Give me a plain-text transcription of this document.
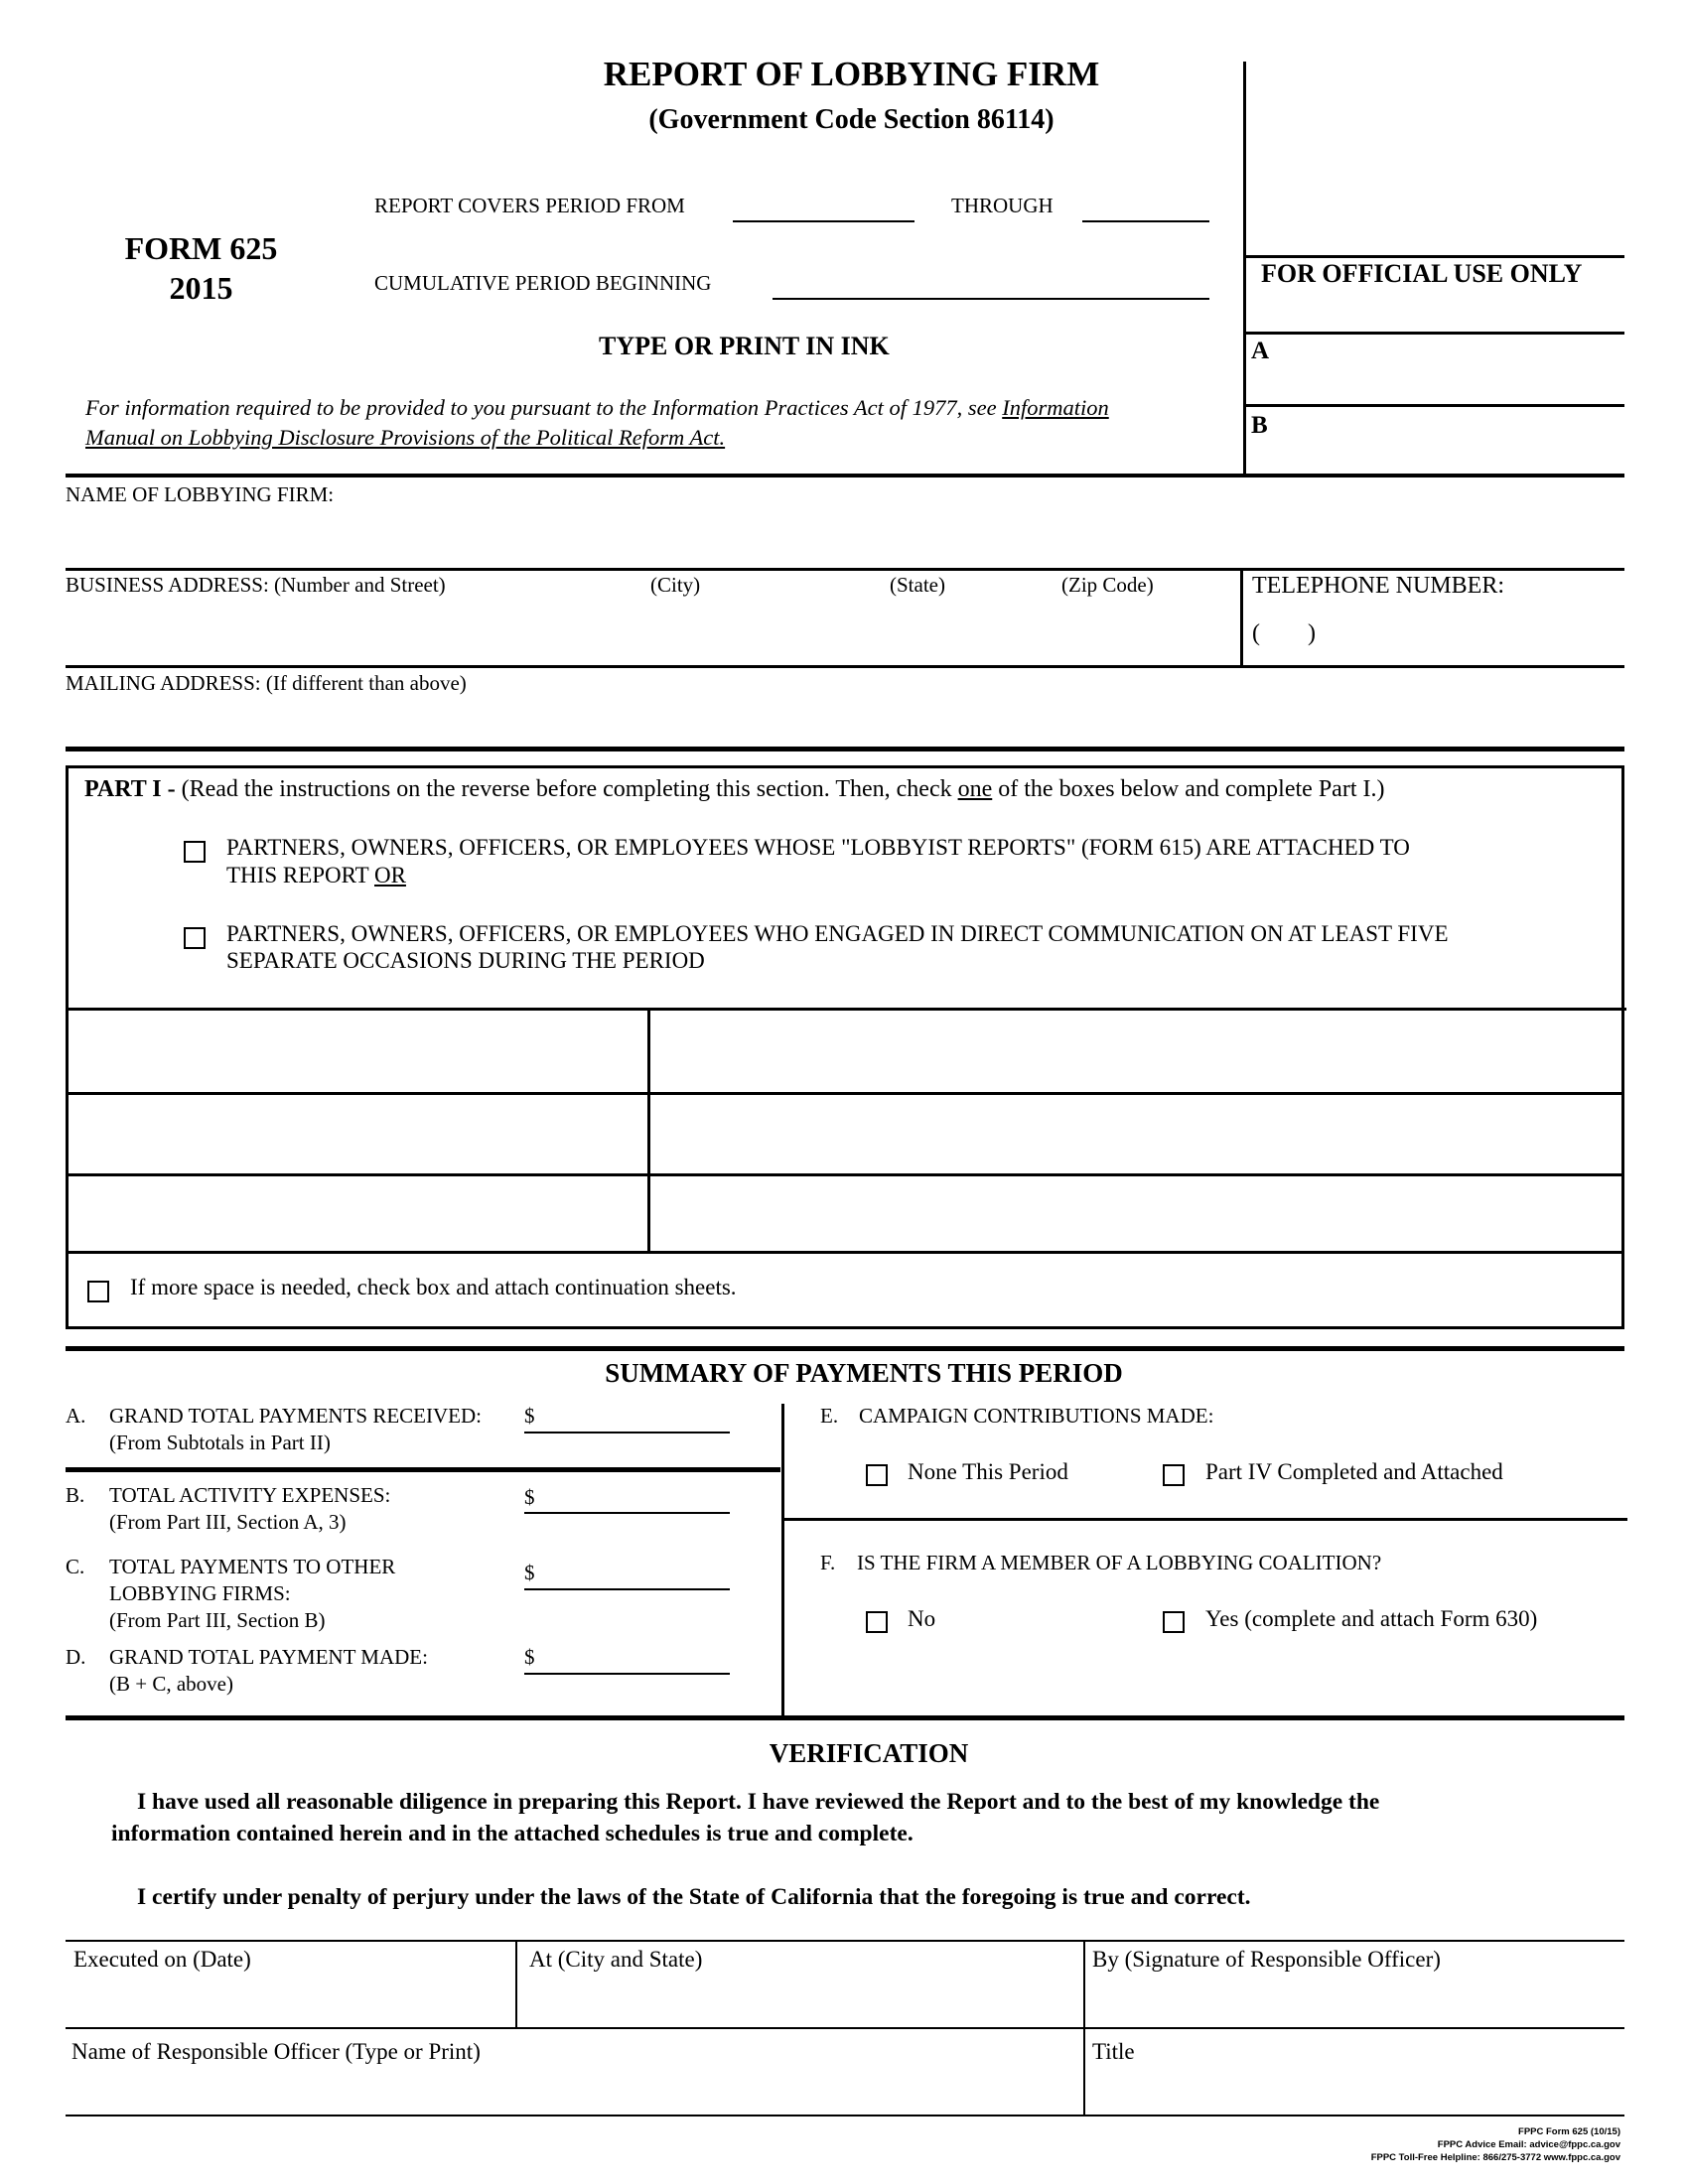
REPORT OF LOBBYING FIRM
(Government Code Section 86114)
FORM 625
2015
REPORT COVERS PERIOD FROM	THROUGH
CUMULATIVE PERIOD BEGINNING
TYPE OR PRINT IN INK
For information required to be provided to you pursuant to the Information Practices Act of 1977, see Information
Manual on Lobbying Disclosure Provisions of the Political Reform Act.
FOR OFFICIAL USE ONLY
A
B
NAME OF LOBBYING FIRM:
BUSINESS ADDRESS: (Number and Street)	(City)	(State)	(Zip Code)	TELEPHONE NUMBER:
(        )
MAILING ADDRESS: (If different than above)
PART I - (Read the instructions on the reverse before completing this section. Then, check one of the boxes below and complete Part I.)
PARTNERS, OWNERS, OFFICERS, OR EMPLOYEES WHOSE "LOBBYIST REPORTS" (FORM 615) ARE ATTACHED TO
THIS REPORT OR
PARTNERS, OWNERS, OFFICERS, OR EMPLOYEES WHO ENGAGED IN DIRECT COMMUNICATION ON AT LEAST FIVE
SEPARATE OCCASIONS DURING THE PERIOD
If more space is needed, check box and attach continuation sheets.
SUMMARY OF PAYMENTS THIS PERIOD
A. GRAND TOTAL PAYMENTS RECEIVED:
(From Subtotals in Part II)
$
B. TOTAL ACTIVITY EXPENSES:
(From Part III, Section A, 3)
$
C. TOTAL PAYMENTS TO OTHER
LOBBYING FIRMS:
(From Part III, Section B)
$
D. GRAND TOTAL PAYMENT MADE:
(B + C, above)
$
E. CAMPAIGN CONTRIBUTIONS MADE:
None This Period	Part IV Completed and Attached
F. IS THE FIRM A MEMBER OF A LOBBYING COALITION?
No	Yes (complete and attach Form 630)
VERIFICATION
I have used all reasonable diligence in preparing this Report. I have reviewed the Report and to the best of my knowledge the
information contained herein and in the attached schedules is true and complete.
I certify under penalty of perjury under the laws of the State of California that the foregoing is true and correct.
Executed on (Date)	At (City and State)	By (Signature of Responsible Officer)
Name of Responsible Officer (Type or Print)	Title
FPPC Form 625 (10/15)
FPPC Advice Email: advice@fppc.ca.gov
FPPC Toll-Free Helpline: 866/275-3772 www.fppc.ca.gov
